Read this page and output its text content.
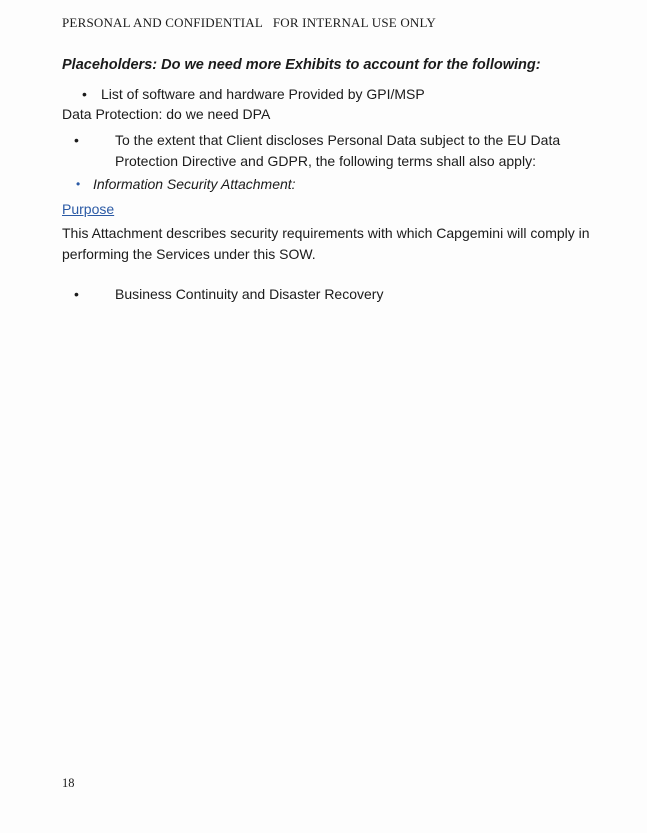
PERSONAL AND CONFIDENTIAL   FOR INTERNAL USE ONLY
Placeholders: Do we need more Exhibits to account for the following:
•	List of software and hardware Provided by GPI/MSP
Data Protection: do we need DPA
•	To the extent that Client discloses Personal Data subject to the EU Data Protection Directive and GDPR, the following terms shall also apply:
• Information Security Attachment:
Purpose
This Attachment describes security requirements with which Capgemini will comply in performing the Services under this SOW.
•	Business Continuity and Disaster Recovery
18
